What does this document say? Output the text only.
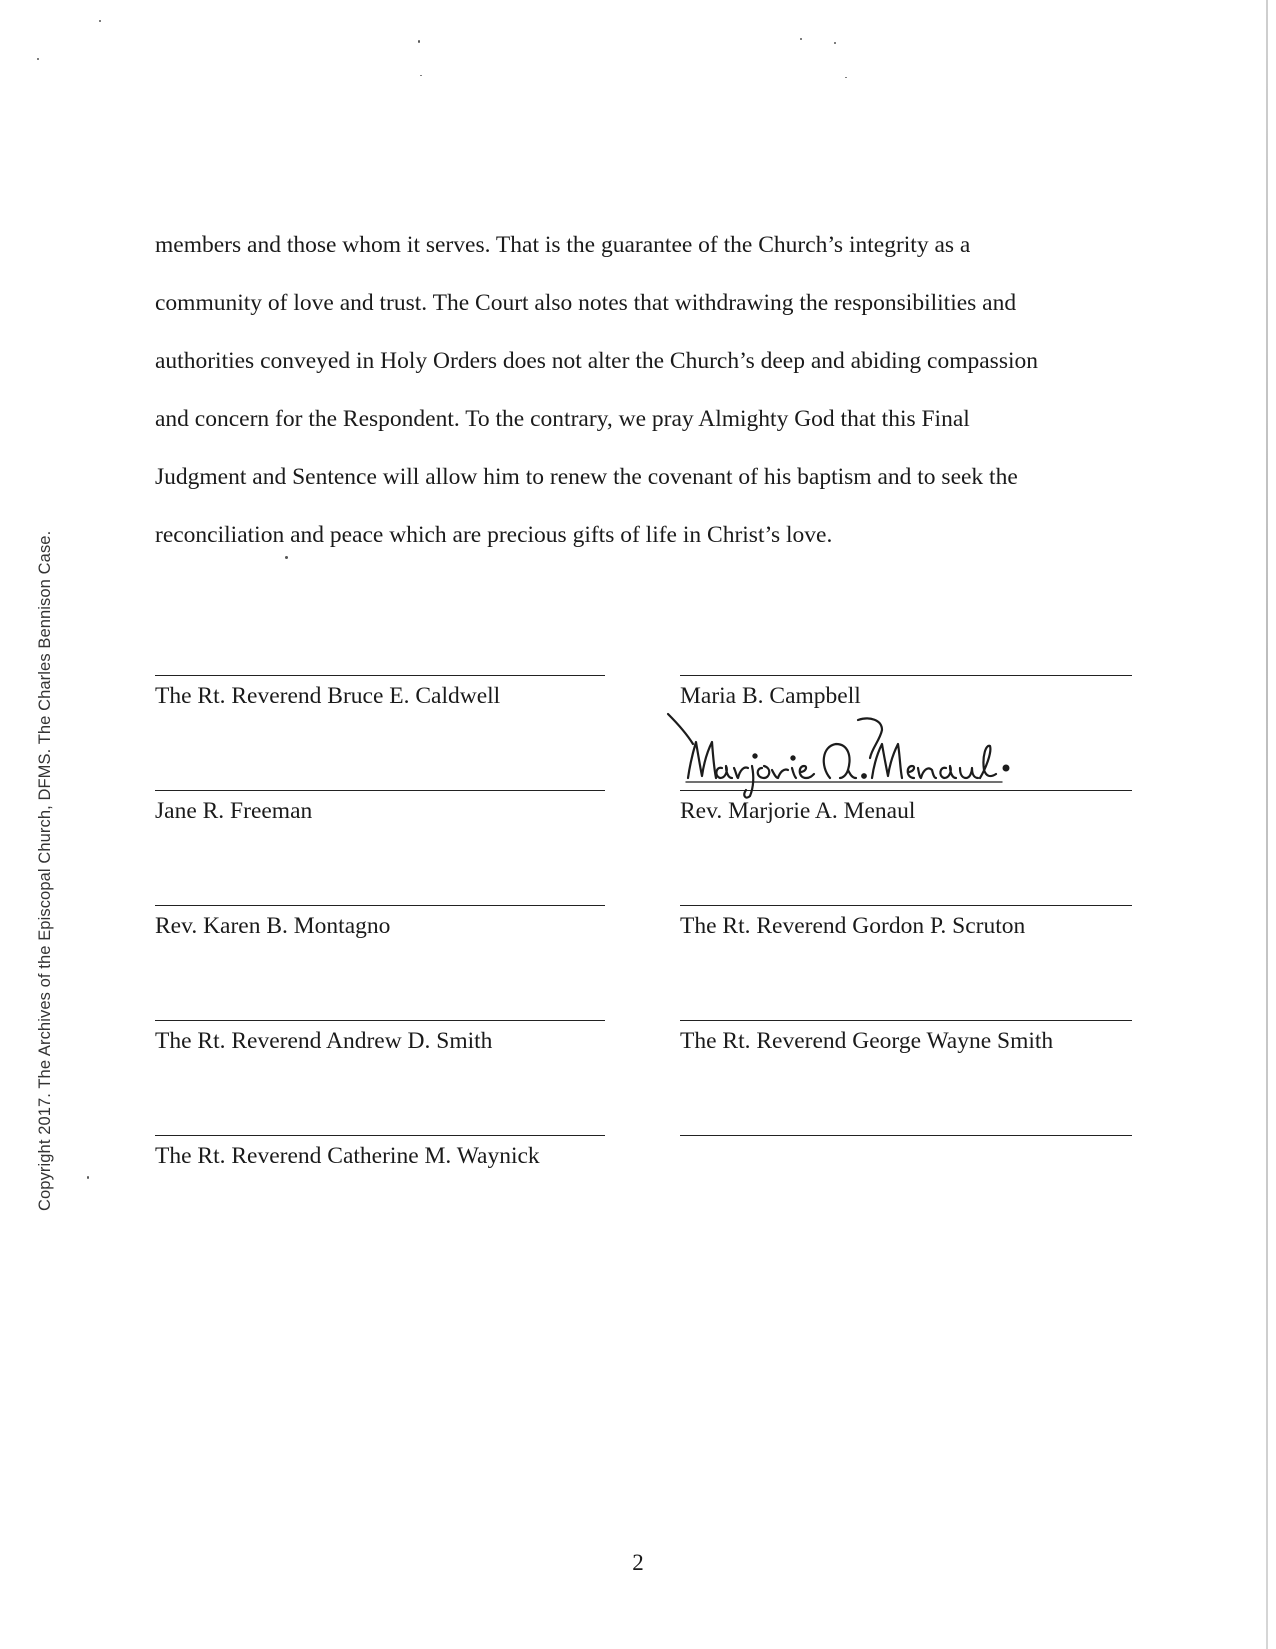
Copyright 2017. The Archives of the Episcopal Church, DFMS. The Charles Bennison Case.

members and those whom it serves. That is the guarantee of the Church’s integrity as a
community of love and trust. The Court also notes that withdrawing the responsibilities and
authorities conveyed in Holy Orders does not alter the Church’s deep and abiding compassion
and concern for the Respondent. To the contrary, we pray Almighty God that this Final
Judgment and Sentence will allow him to renew the covenant of his baptism and to seek the
reconciliation and peace which are precious gifts of life in Christ’s love.

The Rt. Reverend Bruce E. Caldwell
Jane R. Freeman
Rev. Karen B. Montagno
The Rt. Reverend Andrew D. Smith
The Rt. Reverend Catherine M. Waynick
Maria B. Campbell
Rev. Marjorie A. Menaul
The Rt. Reverend Gordon P. Scruton
The Rt. Reverend George Wayne Smith
2
